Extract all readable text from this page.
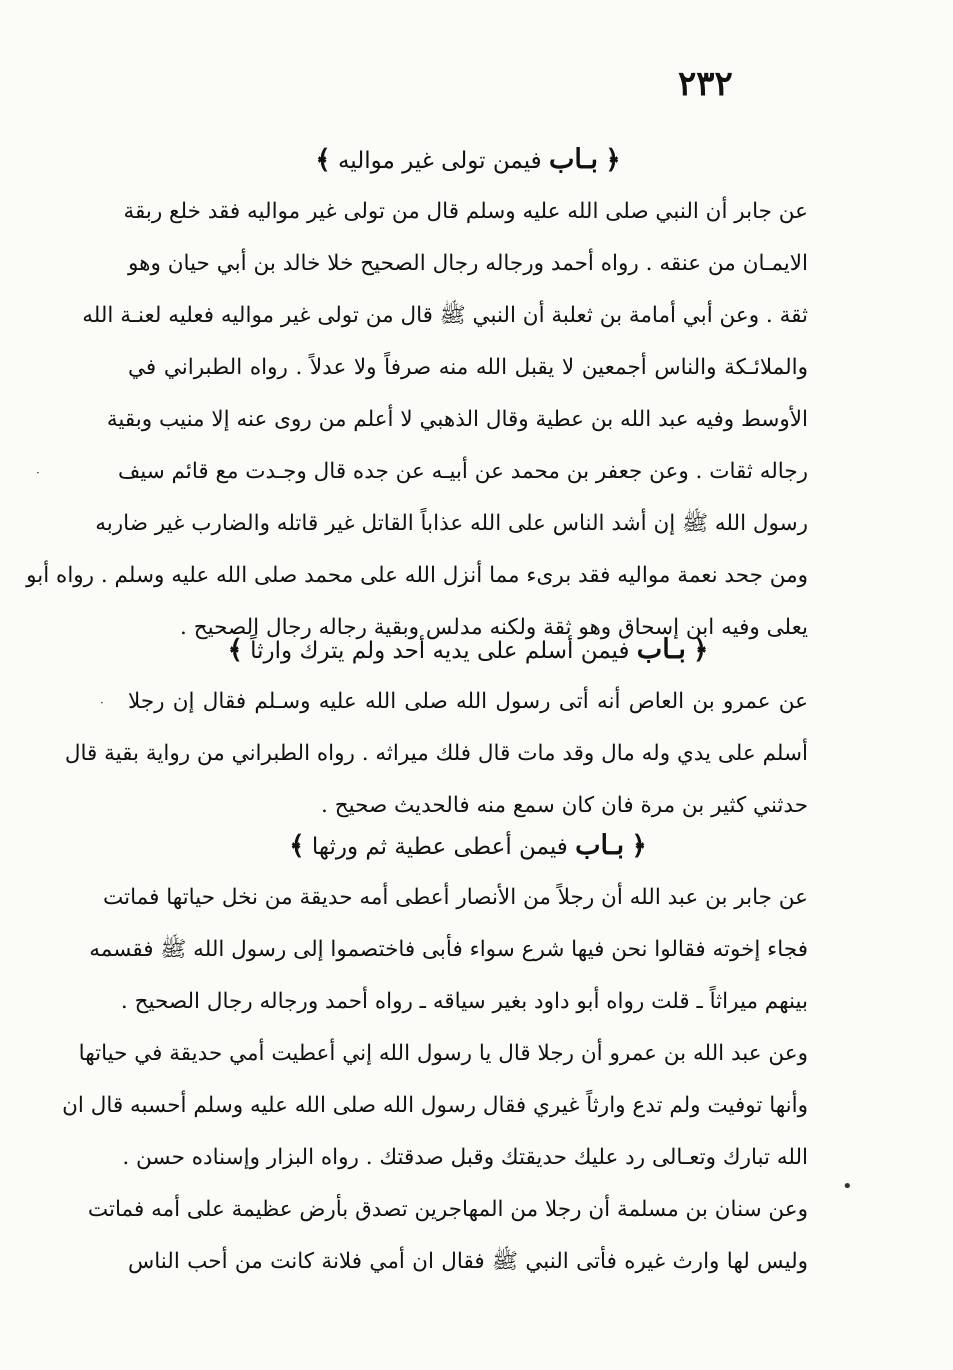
٢٣٢
﴿ بـاب فيمن تولى غير مواليه ﴾
عن جابر أن النبي صلى الله عليه وسلم قال من تولى غير مواليه فقد خلع ربقة
الايمـان من عنقه . رواه أحمد ورجاله رجال الصحيح خلا خالد بن أبي حيان وهو
ثقة . وعن أبي أمامة بن ثعلبة أن النبي ﷺ قال من تولى غير مواليه فعليه لعنـة الله
والملائـكة والناس أجمعين لا يقبل الله منه صرفاً ولا عدلاً . رواه الطبراني في
الأوسط وفيه عبد الله بن عطية وقال الذهبي لا أعلم من روى عنه إلا منيب وبقية
رجاله ثقات . وعن جعفر بن محمد عن أبيـه عن جده قال وجـدت مع قائم سيف
رسول الله ﷺ إن أشد الناس على الله عذاباً القاتل غير قاتله والضارب غير ضاربه
ومن جحد نعمة مواليه فقد برىء مما أنزل الله على محمد صلى الله عليه وسلم . رواه أبو
يعلى وفيه ابن إسحاق وهو ثقة ولكنه مدلس وبقية رجاله رجال الصحيح .
﴿ بـاب فيمن أسلم على يديه أحد ولم يترك وارثاً ﴾
عن عمرو بن العاص أنه أتى رسول الله صلى الله عليه وسـلم فقال إن رجلا
أسلم على يدي وله مال وقد مات قال فلك ميراثه . رواه الطبراني من رواية بقية قال
حدثني كثير بن مرة فان كان سمع منه فالحديث صحيح .
﴿ بـاب فيمن أعطى عطية ثم ورثها ﴾
عن جابر بن عبد الله أن رجلاً من الأنصار أعطى أمه حديقة من نخل حياتها فماتت
فجاء إخوته فقالوا نحن فيها شرع سواء فأبى فاختصموا إلى رسول الله ﷺ فقسمه
بينهم ميراثاً ـ قلت رواه أبو داود بغير سياقه ـ رواه أحمد ورجاله رجال الصحيح .
وعن عبد الله بن عمرو أن رجلا قال يا رسول الله إني أعطيت أمي حديقة في حياتها
وأنها توفيت ولم تدع وارثاً غيري فقال رسول الله صلى الله عليه وسلم أحسبه قال ان
الله تبارك وتعـالى رد عليك حديقتك وقبل صدقتك . رواه البزار وإسناده حسن .
وعن سنان بن مسلمة أن رجلا من المهاجرين تصدق بأرض عظيمة على أمه فماتت
وليس لها وارث غيره فأتى النبي ﷺ فقال ان أمي فلانة كانت من أحب الناس
·
·
•
